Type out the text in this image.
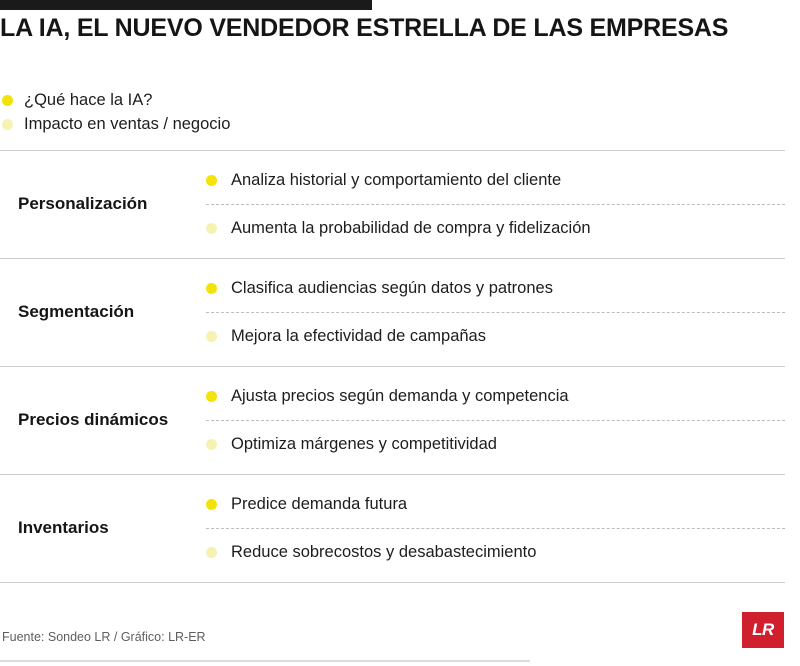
LA IA, EL NUEVO VENDEDOR ESTRELLA DE LAS EMPRESAS
¿Qué hace la IA?
Impacto en ventas / negocio
Personalización
Analiza historial y comportamiento del cliente
Aumenta la probabilidad de compra y fidelización
Segmentación
Clasifica audiencias según datos y patrones
Mejora la efectividad de campañas
Precios dinámicos
Ajusta precios según demanda y competencia
Optimiza márgenes y competitividad
Inventarios
Predice demanda futura
Reduce sobrecostos y desabastecimiento
Fuente: Sondeo LR / Gráfico: LR-ER	LR
